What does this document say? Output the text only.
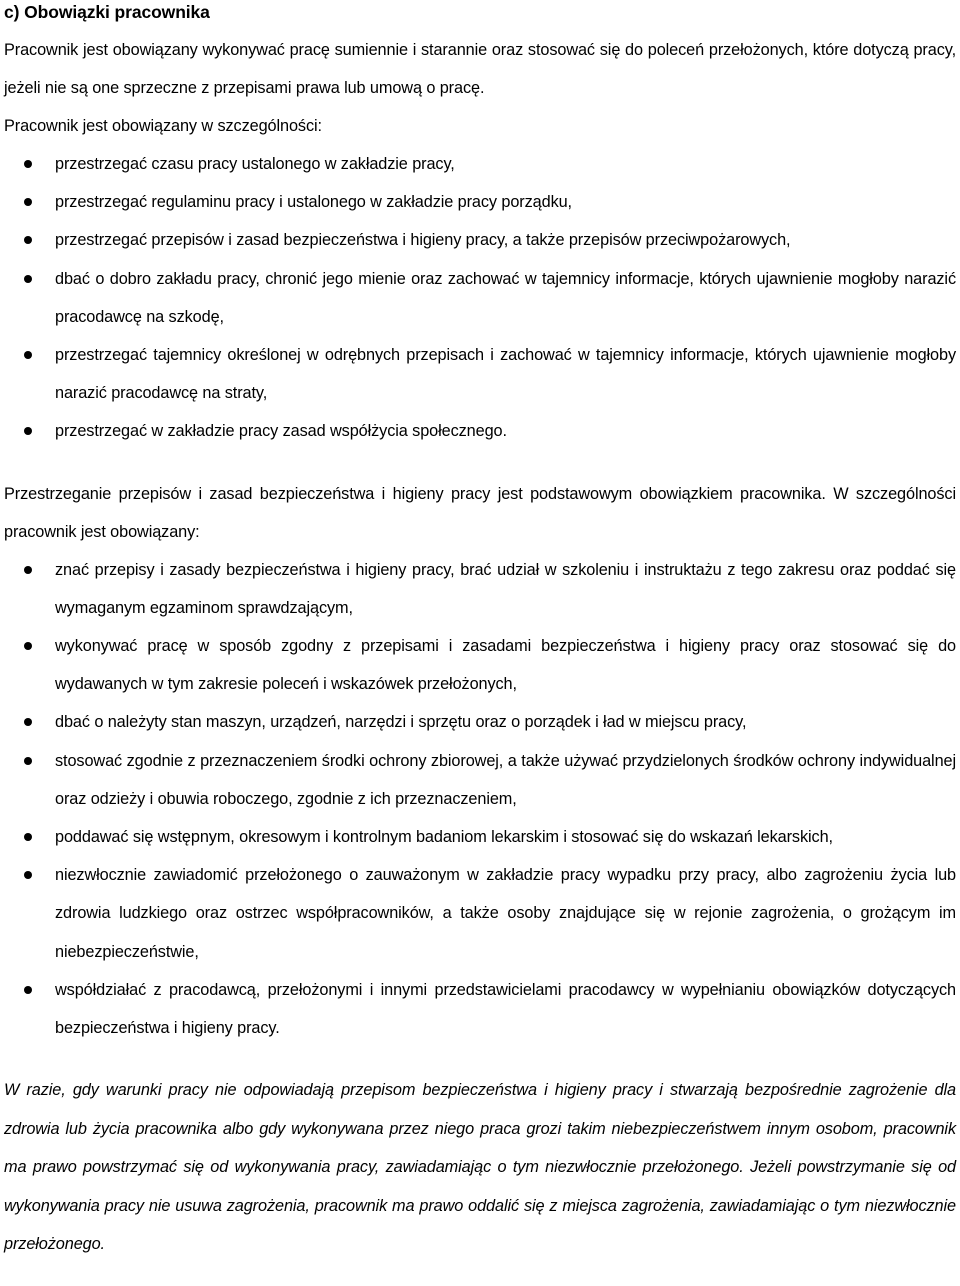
c) Obowiązki pracownika

Pracownik jest obowiązany wykonywać pracę sumiennie i starannie oraz stosować się do poleceń przełożonych, które dotyczą pracy, jeżeli nie są one sprzeczne z przepisami prawa lub umową o pracę.

Pracownik jest obowiązany w szczególności:

przestrzegać czasu pracy ustalonego w zakładzie pracy,
przestrzegać regulaminu pracy i ustalonego w zakładzie pracy porządku,
przestrzegać przepisów i zasad bezpieczeństwa i higieny pracy, a także przepisów przeciwpożarowych,
dbać o dobro zakładu pracy, chronić jego mienie oraz zachować w tajemnicy informacje, których ujawnienie mogłoby narazić pracodawcę na szkodę,
przestrzegać tajemnicy określonej w odrębnych przepisach i zachować w tajemnicy informacje, których ujawnienie mogłoby narazić pracodawcę na straty,
przestrzegać w zakładzie pracy zasad współżycia społecznego.

Przestrzeganie przepisów i zasad bezpieczeństwa i higieny pracy jest podstawowym obowiązkiem pracownika. W szczególności pracownik jest obowiązany:

znać przepisy i zasady bezpieczeństwa i higieny pracy, brać udział w szkoleniu i instruktażu z tego zakresu oraz poddać się wymaganym egzaminom sprawdzającym,
wykonywać pracę w sposób zgodny z przepisami i zasadami bezpieczeństwa i higieny pracy oraz stosować się do wydawanych w tym zakresie poleceń i wskazówek przełożonych,
dbać o należyty stan maszyn, urządzeń, narzędzi i sprzętu oraz o porządek i ład w miejscu pracy,
stosować zgodnie z przeznaczeniem środki ochrony zbiorowej, a także używać przydzielonych środków ochrony indywidualnej oraz odzieży i obuwia roboczego, zgodnie z ich przeznaczeniem,
poddawać się wstępnym, okresowym i kontrolnym badaniom lekarskim i stosować się do wskazań lekarskich,
niezwłocznie zawiadomić przełożonego o zauważonym w zakładzie pracy wypadku przy pracy, albo zagrożeniu życia lub zdrowia ludzkiego oraz ostrzec współpracowników, a także osoby znajdujące się w rejonie zagrożenia, o grożącym im niebezpieczeństwie,
współdziałać z pracodawcą, przełożonymi i innymi przedstawicielami pracodawcy w wypełnianiu obowiązków dotyczących bezpieczeństwa i higieny pracy.

W razie, gdy warunki pracy nie odpowiadają przepisom bezpieczeństwa i higieny pracy i stwarzają bezpośrednie zagrożenie dla zdrowia lub życia pracownika albo gdy wykonywana przez niego praca grozi takim niebezpieczeństwem innym osobom, pracownik ma prawo powstrzymać się od wykonywania pracy, zawiadamiając o tym niezwłocznie przełożonego. Jeżeli powstrzymanie się od wykonywania pracy nie usuwa zagrożenia, pracownik ma prawo oddalić się z miejsca zagrożenia, zawiadamiając o tym niezwłocznie przełożonego.
